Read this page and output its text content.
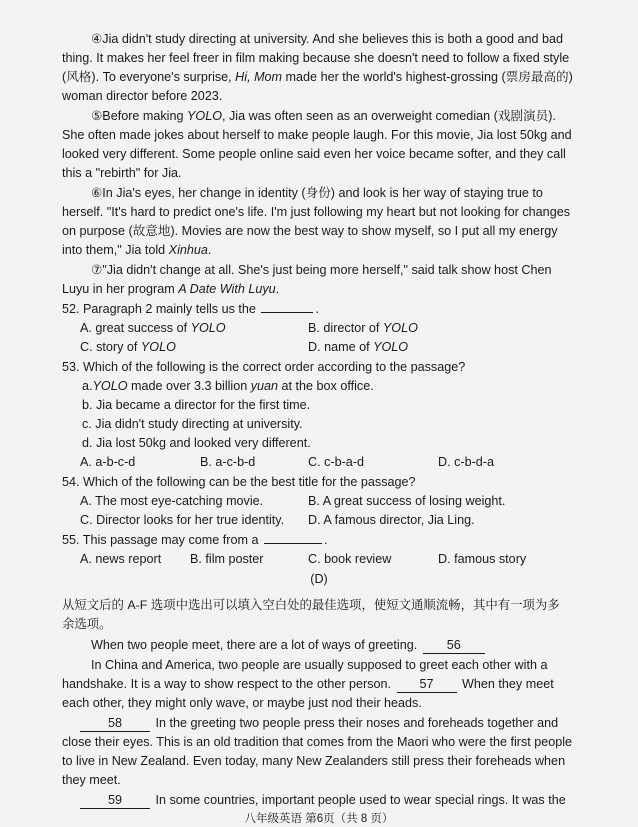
④Jia didn't study directing at university. And she believes this is both a good and bad
thing. It makes her feel freer in film making because she doesn't need to follow a fixed style
(风格). To everyone's surprise, Hi, Mom made her the world's highest-grossing (票房最高的)
woman director before 2023.
⑤Before making YOLO, Jia was often seen as an overweight comedian (戏剧演员).
She often made jokes about herself to make people laugh. For this movie, Jia lost 50kg and
looked very different. Some people online said even her voice became softer, and they call
this a "rebirth" for Jia.
⑥In Jia's eyes, her change in identity (身份) and look is her way of staying true to
herself. "It's hard to predict one's life. I'm just following my heart but not looking for changes
on purpose (故意地). Movies are now the best way to show myself, so I put all my energy
into them," Jia told Xinhua.
⑦"Jia didn't change at all. She's just being more herself," said talk show host Chen
Luyu in her program A Date With Luyu.
52. Paragraph 2 mainly tells us the	.
A. great success of YOLO	B. director of YOLO
C. story of YOLO	D. name of YOLO
53. Which of the following is the correct order according to the passage?
a.YOLO made over 3.3 billion yuan at the box office.
b. Jia became a director for the first time.
c. Jia didn't study directing at university.
d. Jia lost 50kg and looked very different.
A. a-b-c-d	B. a-c-b-d	C. c-b-a-d	D. c-b-d-a
54. Which of the following can be the best title for the passage?
A. The most eye-catching movie.	B. A great success of losing weight.
C. Director looks for her true identity. D. A famous director, Jia Ling.
55. This passage may come from a	.
A. news report B. film poster	C. book review	D. famous story
(D)
从短文后的 A-F 选项中选出可以填入空白处的最佳选项，使短文通顺流畅，其中有一项为多
余选项。
When two people meet, there are a lot of ways of greeting. 56
In China and America, two people are usually supposed to greet each other with a
handshake. It is a way to show respect to the other person. 57 When they meet
each other, they might only wave, or maybe just nod their heads.
58	In the greeting two people press their noses and foreheads together and
close their eyes. This is an old tradition that comes from the Maori who were the first people
to live in New Zealand. Even today, many New Zealanders still press their foreheads when
they meet.
59	In some countries, important people used to wear special rings. It was the
八年级英语 第6页（共 8 页）
